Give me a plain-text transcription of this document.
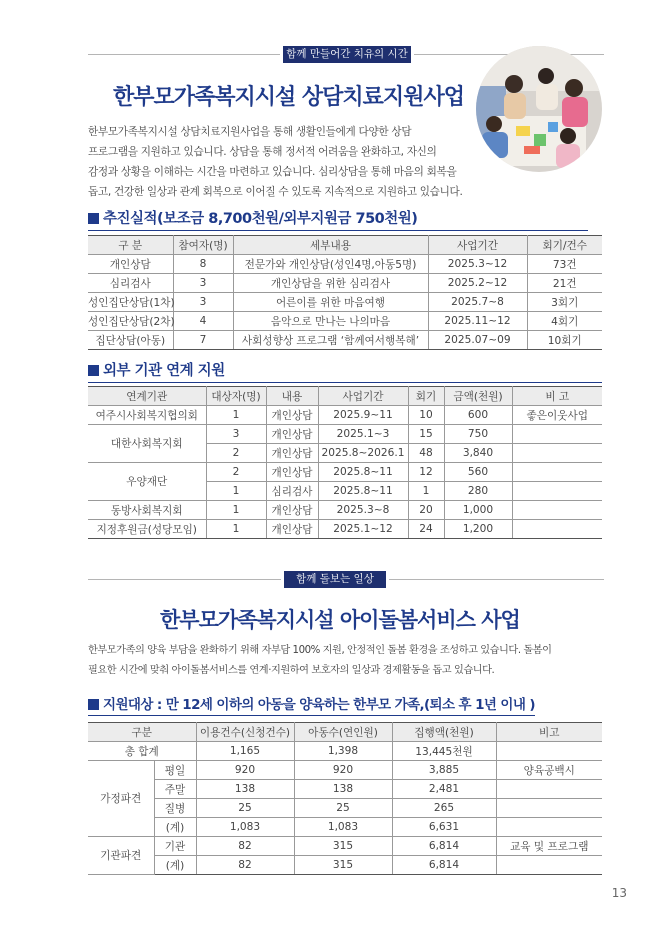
함께 만들어간 치유의 시간
한부모가족복지시설 상담치료지원사업
한부모가족복지시설 상담치료지원사업을 통해 생활인들에게 다양한 상담
프로그램을 지원하고 있습니다. 상담을 통해 정서적 어려움을 완화하고, 자신의
감정과 상황을 이해하는 시간을 마련하고 있습니다. 심리상담을 통해 마음의 회복을
돕고, 건강한 일상과 관계 회복으로 이어질 수 있도록 지속적으로 지원하고 있습니다.
추진실적(보조금 8,700천원/외부지원금 750천원)
구 분	참여자(명)	세부내용	사업기간	회기/건수
개인상담	8	전문가와 개인상담(성인4명,아동5명)	2025.3~12	73건
심리검사	3	개인상담을 위한 심리검사	2025.2~12	21건
성인집단상담(1차)	3	어른이를 위한 마음여행	2025.7~8	3회기
성인집단상담(2차)	4	음악으로 만나는 나의마음	2025.11~12	4회기
집단상담(아동)	7	사회성향상 프로그램 ‘함께여서행복해’	2025.07~09	10회기
외부 기관 연계 지원
연계기관	대상자(명)	내용	사업기간	회기	금액(천원)	비 고
여주시사회복지협의회	1	개인상담	2025.9~11	10	600	좋은이웃사업
대한사회복지회	3	개인상담	2025.1~3	15	750	
	2	개인상담	2025.8~2026.1	48	3,840	
우양재단	2	개인상담	2025.8~11	12	560	
	1	심리검사	2025.8~11	1	280	
동방사회복지회	1	개인상담	2025.3~8	20	1,000	
지정후원금(성당모임)	1	개인상담	2025.1~12	24	1,200	
함께 돌보는 일상
한부모가족복지시설 아이돌봄서비스 사업
한부모가족의 양육 부담을 완화하기 위해 자부담 100% 지원, 안정적인 돌봄 환경을 조성하고 있습니다. 돌봄이
필요한 시간에 맞춰 아이돌봄서비스를 연계·지원하여 보호자의 일상과 경제활동을 돕고 있습니다.
지원대상 : 만 12세 이하의 아동을 양육하는 한부모 가족,(퇴소 후 1년 이내 )
구분		이용건수(신청건수)	아동수(연인원)	집행액(천원)	비고
총 합계		1,165	1,398	13,445천원	
가정파견	평일	920	920	3,885	양육공백시
	주말	138	138	2,481	
	질병	25	25	265	
	(계)	1,083	1,083	6,631	
기관파견	기관	82	315	6,814	교육 및 프로그램
	(계)	82	315	6,814	
13
